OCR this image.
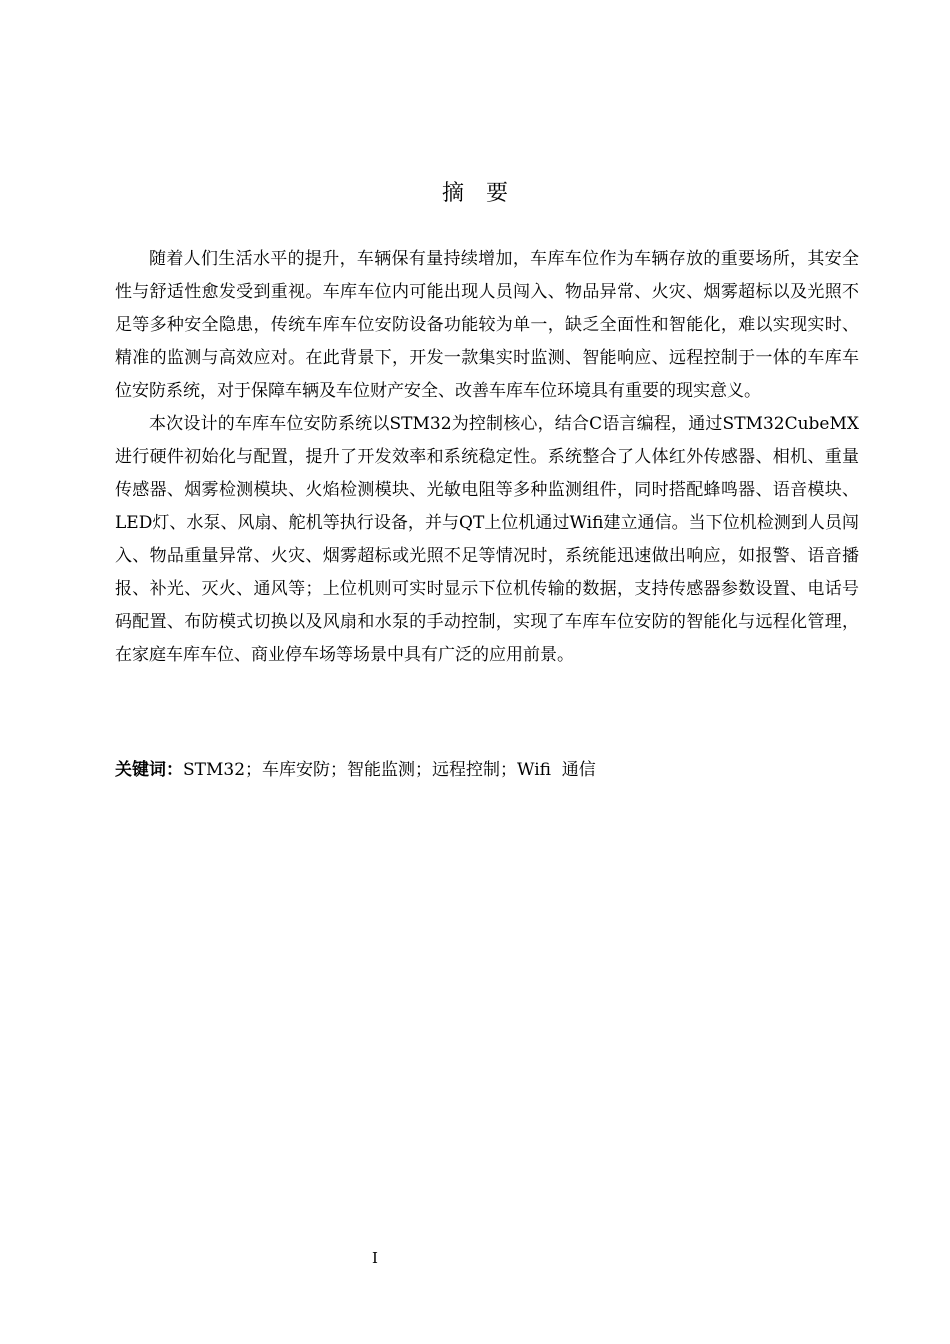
摘要

随着人们生活水平的提升，车辆保有量持续增加，车库车位作为车辆存放的重要场所，其安全性与舒适性愈发受到重视。车库车位内可能出现人员闯入、物品异常、火灾、烟雾超标以及光照不足等多种安全隐患，传统车库车位安防设备功能较为单一，缺乏全面性和智能化，难以实现实时、精准的监测与高效应对。在此背景下，开发一款集实时监测、智能响应、远程控制于一体的车库车位安防系统，对于保障车辆及车位财产安全、改善车库车位环境具有重要的现实意义。

本次设计的车库车位安防系统以STM32为控制核心，结合C语言编程，通过STM32CubeMX进行硬件初始化与配置，提升了开发效率和系统稳定性。系统整合了人体红外传感器、相机、重量传感器、烟雾检测模块、火焰检测模块、光敏电阻等多种监测组件，同时搭配蜂鸣器、语音模块、LED灯、水泵、风扇、舵机等执行设备，并与QT上位机通过Wifi建立通信。当下位机检测到人员闯入、物品重量异常、火灾、烟雾超标或光照不足等情况时，系统能迅速做出响应，如报警、语音播报、补光、灭火、通风等；上位机则可实时显示下位机传输的数据，支持传感器参数设置、电话号码配置、布防模式切换以及风扇和水泵的手动控制，实现了车库车位安防的智能化与远程化管理，在家庭车库车位、商业停车场等场景中具有广泛的应用前景。

关键词：STM32；车库安防；智能监测；远程控制；Wifi  通信
I
